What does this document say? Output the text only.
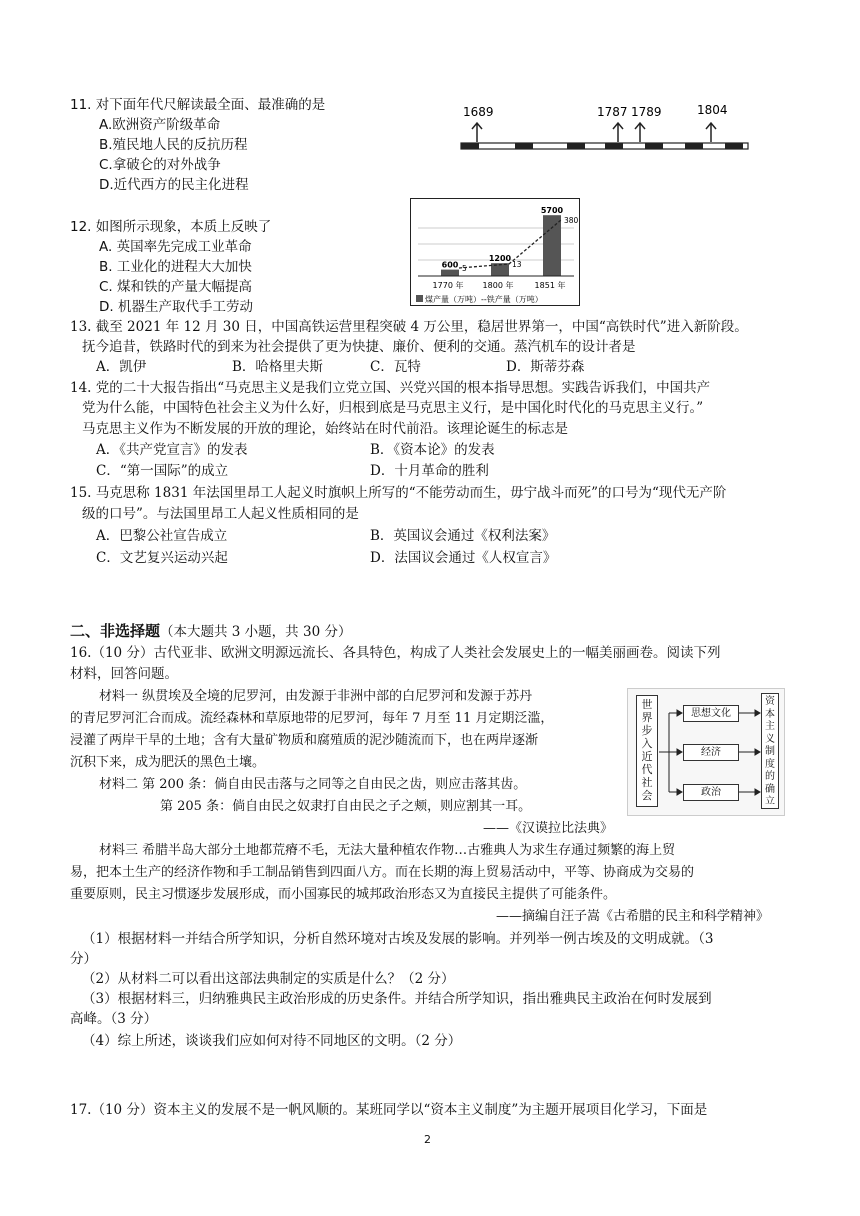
11. 对下面年代尺解读最全面、最准确的是
A.欧洲资产阶级革命
B.殖民地人民的反抗历程
C.拿破仑的对外战争
D.近代西方的民主化进程
1689	1787 1789	1804
12. 如图所示现象，本质上反映了
A. 英国率先完成工业革命
B. 工业化的进程大大加快
C. 煤和铁的产量大幅提高
D. 机器生产取代手工劳动
600
1770 年
1200
1800 年
5700
1851 年
5	13
380
煤产量（万吨）--铁产量（万吨）
13. 截至 2021 年 12 月 30 日，中国高铁运营里程突破 4 万公里，稳居世界第一，中国“高铁时代”进入新阶段。
抚今追昔，铁路时代的到来为社会提供了更为快捷、廉价、便利的交通。蒸汽机车的设计者是
A．凯伊	B．哈格里夫斯	C．瓦特	D．斯蒂芬森
14. 党的二十大报告指出“马克思主义是我们立党立国、兴党兴国的根本指导思想。实践告诉我们，中国共产
党为什么能，中国特色社会主义为什么好，归根到底是马克思主义行，是中国化时代化的马克思主义行。”
马克思主义作为不断发展的开放的理论，始终站在时代前沿。该理论诞生的标志是
A．《共产党宣言》的发表	B．《资本论》的发表
C．“第一国际”的成立	D．十月革命的胜利
15. 马克思称 1831 年法国里昂工人起义时旗帜上所写的“不能劳动而生，毋宁战斗而死”的口号为“现代无产阶
级的口号”。与法国里昂工人起义性质相同的是
A．巴黎公社宣告成立	B．英国议会通过《权利法案》
C．文艺复兴运动兴起	D．法国议会通过《人权宣言》
二、非选择题（本大题共 3 小题，共 30 分）
16.（10 分）古代亚非、欧洲文明源远流长、各具特色，构成了人类社会发展史上的一幅美丽画卷。阅读下列
材料，回答问题。
材料一 纵贯埃及全境的尼罗河，由发源于非洲中部的白尼罗河和发源于苏丹
的青尼罗河汇合而成。流经森林和草原地带的尼罗河，每年 7 月至 11 月定期泛滥，
浸灌了两岸干旱的土地；含有大量矿物质和腐殖质的泥沙随流而下，也在两岸逐渐
沉积下来，成为肥沃的黑色土壤。
材料二 第 200 条：倘自由民击落与之同等之自由民之齿，则应击落其齿。
第 205 条：倘自由民之奴隶打自由民之子之颊，则应割其一耳。
——《汉谟拉比法典》
材料三 希腊半岛大部分土地都荒瘠不毛，无法大量种植农作物…古雅典人为求生存通过频繁的海上贸
易，把本土生产的经济作物和手工制品销售到四面八方。而在长期的海上贸易活动中，平等、协商成为交易的
重要原则，民主习惯逐步发展形成，而小国寡民的城邦政治形态又为直接民主提供了可能条件。
——摘编自汪子嵩《古希腊的民主和科学精神》
（1）根据材料一并结合所学知识，分析自然环境对古埃及发展的影响。并列举一例古埃及的文明成就。（3
分）
（2）从材料二可以看出这部法典制定的实质是什么？（2 分）
（3）根据材料三，归纳雅典民主政治形成的历史条件。并结合所学知识，指出雅典民主政治在何时发展到
高峰。（3 分）
（4）综上所述，谈谈我们应如何对待不同地区的文明。（2 分）
世界步入近代社会
思想文化
经济
政治
资本主义制度的确立
17.（10 分）资本主义的发展不是一帆风顺的。某班同学以“资本主义制度”为主题开展项目化学习，下面是
2
